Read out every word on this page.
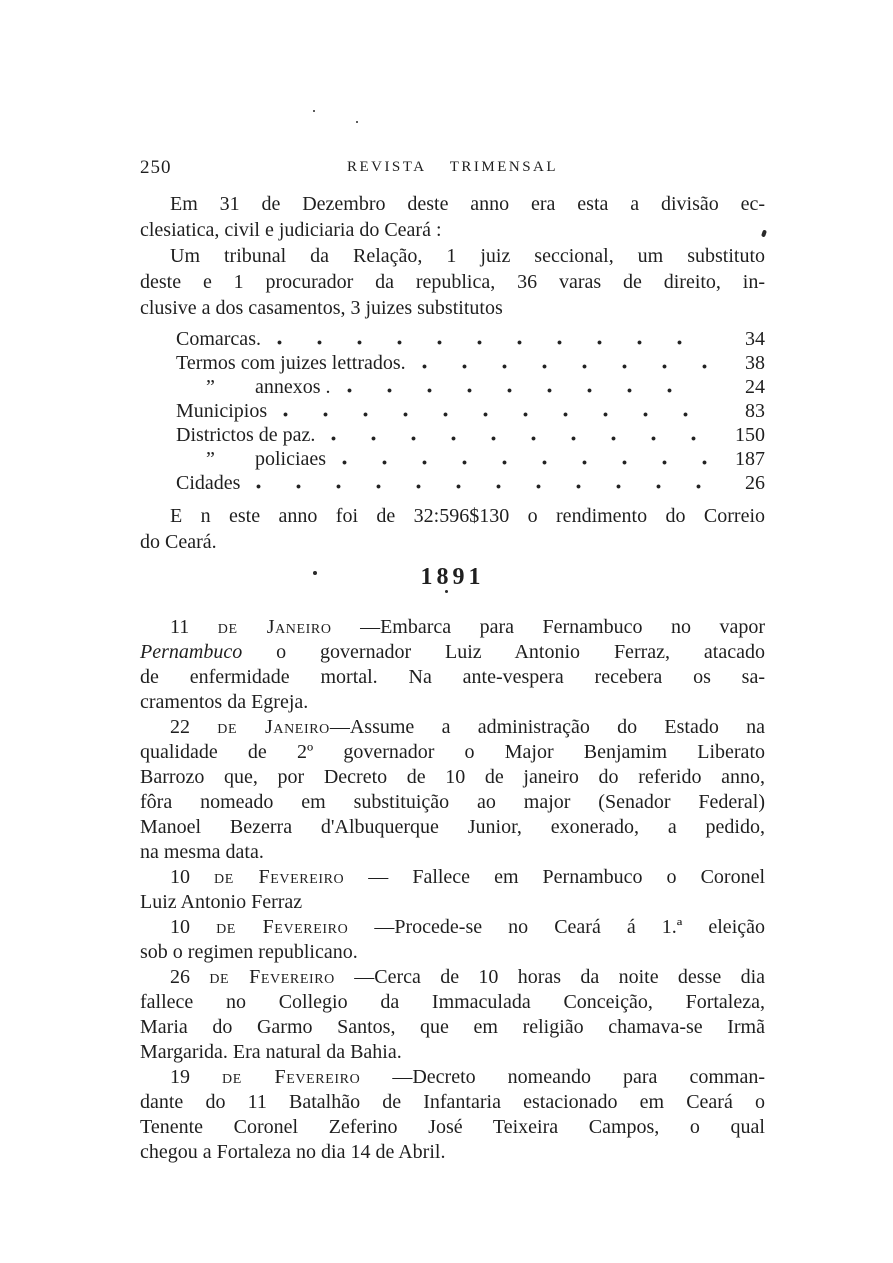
250	REVISTA TRIMENSAL
Em 31 de Dezembro deste anno era esta a divisão ec-
clesiatica, civil e judiciaria do Ceará :
Um tribunal da Relação, 1 juiz seccional, um substituto
deste e 1 procurador da republica, 36 varas de direito, in-
clusive a dos casamentos, 3 juizes substitutos
Comarcas.	34
Termos com juizes lettrados.	38
”	annexos .	24
Municipios	83
Districtos de paz.	150
”	policiaes	187
Cidades	26
E n este anno foi de 32:596$130 o rendimento do Correio
do Ceará.
1891
11 de Janeiro —Embarca para Fernambuco no vapor
Pernambuco o governador Luiz Antonio Ferraz, atacado
de enfermidade mortal. Na ante-vespera recebera os sa-
cramentos da Egreja.
22 de Janeiro—Assume a administração do Estado na
qualidade de 2º governador o Major Benjamim Liberato
Barrozo que, por Decreto de 10 de janeiro do referido anno,
fôra nomeado em substituição ao major (Senador Federal)
Manoel Bezerra d'Albuquerque Junior, exonerado, a pedido,
na mesma data.
10 de Fevereiro — Fallece em Pernambuco o Coronel
Luiz Antonio Ferraz
10 de Fevereiro —Procede-se no Ceará á 1.ª eleição
sob o regimen republicano.
26 de Fevereiro —Cerca de 10 horas da noite desse dia
fallece no Collegio da Immaculada Conceição, Fortaleza,
Maria do Garmo Santos, que em religião chamava-se Irmã
Margarida. Era natural da Bahia.
19 de Fevereiro —Decreto nomeando para comman-
dante do 11 Batalhão de Infantaria estacionado em Ceará o
Tenente Coronel Zeferino José Teixeira Campos, o qual
chegou a Fortaleza no dia 14 de Abril.
